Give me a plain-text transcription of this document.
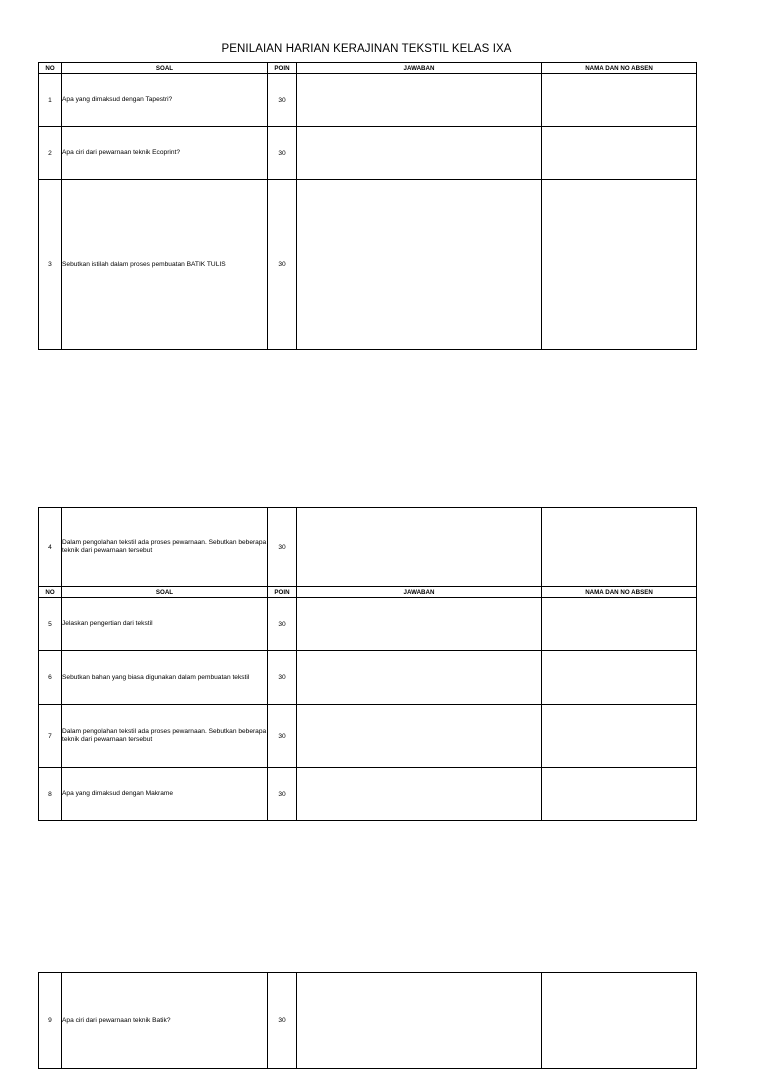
PENILAIAN HARIAN KERAJINAN TEKSTIL KELAS IXA
NO	SOAL	POIN	JAWABAN	NAMA DAN NO ABSEN
1	Apa yang dimaksud dengan Tapestri?	30		
2	Apa ciri dari pewarnaan teknik Ecoprint?	30		
3	Sebutkan istilah dalam proses pembuatan BATIK TULIS	30		
4	Dalam pengolahan tekstil ada proses pewarnaan. Sebutkan beberapa teknik dari pewarnaan tersebut	30		
NO	SOAL	POIN	JAWABAN	NAMA DAN NO ABSEN
5	Jelaskan pengertian dari tekstil	30		
6	Sebutkan bahan yang biasa digunakan dalam pembuatan tekstil	30		
7	Dalam pengolahan tekstil ada proses pewarnaan. Sebutkan beberapa teknik dari pewarnaan tersebut	30		
8	Apa yang dimaksud dengan Makrame	30		
9	Apa ciri dari pewarnaan teknik Batik?	30		
